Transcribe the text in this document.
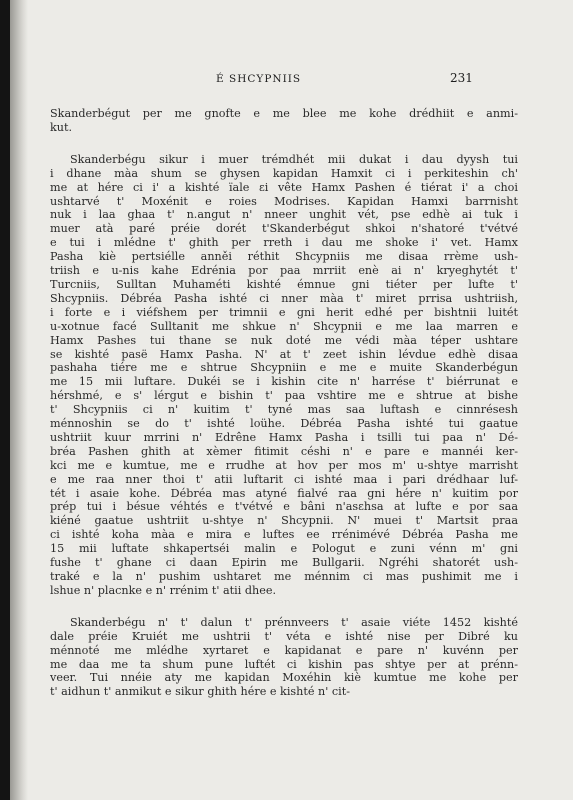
É SHCYPNIIS	231

Skanderbégut per me gnofte e me blee me kohe drédhiit e anmi-
kut.

Skanderbégu sikur i muer trémdhét mii dukat i dau dyysh tui
i dhane màa shum se ghysen kapidan Hamxit ci i perkiteshin ch'
me at hére ci i' a kishté ïale ɛi vête Hamx Pashen é tiérat i' a choi
ushtarvé t' Moxénit e roies Modrises. Kapidan Hamxi barrnisht
nuk i laa ghaa t' n.angut n' nneer unghit vét, pse edhè ai tuk i
muer atà paré préie dorét t'Skanderbégut shkoi n'shatoré t'vétvé
e tui i mlédne t' ghith per rreth i dau me shoke i' vet. Hamx
Pasha kiè pertsiélle anněi réthit Shcypniis me disaa rrème ush-
triish e u-nis kahe Edrénia por paa mrriit enè ai n' kryeghytét t'
Turcniis, Sulltan Muhaméti kishté émnue gni tiéter per lufte t'
Shcypniis. Débréa Pasha ishté ci nner màa t' miret prrisa ushtriish,
i forte e i viéfshem per trimnii e gni herit edhé per bishtnii luitét
u-xotnue facé Sulltanit me shkue n' Shcypnii e me laa marren e
Hamx Pashes tui thane se nuk doté me védi màa téper ushtare
se kishté pasë Hamx Pasha. N' at t' zeet ishin lévdue edhè disaa
pashaha tiére me e shtrue Shcypniin e me e muite Skanderbégun
me 15 mii luftare. Dukéi se i kishin cite n' harrése t' biérrunat e
hérshmé, e s' lérgut e bishin t' paa vshtire me e shtrue at bishe
t' Shcypniis ci n' kuitim t' tyné mas saa luftash e cinnrésesh
ménnoshin se do t' ishté loühe. Débréa Pasha ishté tui gaatue
ushtriit kuur mrrini n' Edrêne Hamx Pasha i tsilli tui paa n' Dé-
bréa Pashen ghith at xèmer fitimit céshi n' e pare e mannéi ker-
kci me e kumtue, me e rrudhe at hov per mos m' u-shtye marrisht
e me raa nner thoi t' atii luftarit ci ishté maa i pari drédhaar luf-
tét i asaie kohe. Débréa mas atyné fialvé raa gni hére n' kuitim por
prép tui i bésue véhtés e t'vétvé e bâni n'asɛhsa at lufte e por saa
kiéné gaatue ushtriit u-shtye n' Shcypnii. N' muei t' Martsit praa
ci ishté koha màa e mira e luftes ee rrénimévé Débréa Pasha me
15 mii luftate shkapertséi malin e Pologut e zuni vénn m' gni
fushe t' ghane ci daan Epirin me Bullgarii. Ngréhi shatorét ush-
traké e la n' pushim ushtaret me ménnim ci mas pushimit me i
lshue n' placnke e n' rrénim t' atii dhee.

Skanderbégu n' t' dalun t' prénnveers t' asaie viéte 1452 kishté
dale préie Kruiét me ushtrii t' véta e ishté nise per Dibré ku
ménnoté me mlédhe xyrtaret e kapidanat e pare n' kuvénn per
me daa me ta shum pune luftét ci kishin pas shtye per at prénn-
veer. Tui nnéie aty me kapidan Moxéhin kiè kumtue me kohe per
t' aidhun t' anmikut e sikur ghith hére e kishté n' cit-
